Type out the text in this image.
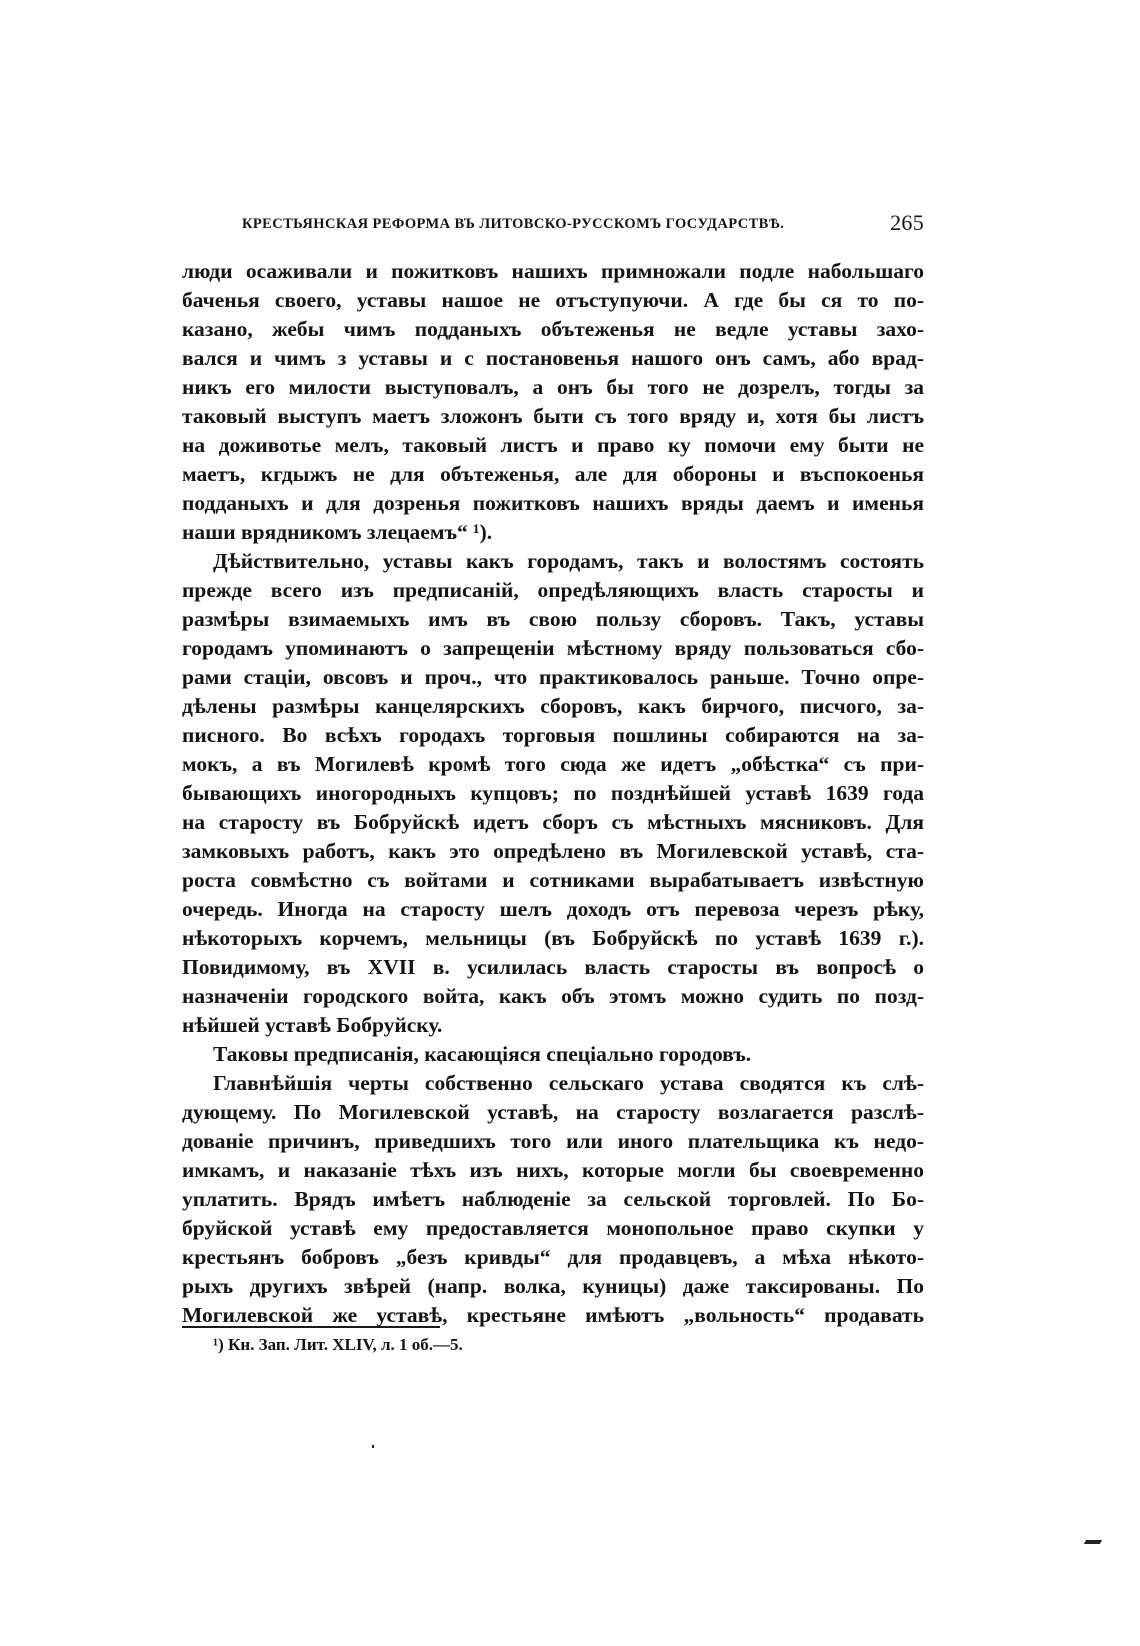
КРЕСТЬЯНСКАЯ РЕФОРМА ВЪ ЛИТОВСКО-РУССКОМЪ ГОСУДАРСТВѢ.	265
люди осаживали и пожитковъ нашихъ примножали подле набольшаго
баченья своего, уставы нашое не отъступуючи. А где бы ся то по-
казано, жебы чимъ подданыхъ обътеженья не ведле уставы захо-
вался и чимъ з уставы и с постановенья нашого онъ самъ, або врад-
никъ его милости выступовалъ, а онъ бы того не дозрелъ, тогды за
таковый выступъ маетъ зложонъ быти съ того вряду и, хотя бы листъ
на доживотье мелъ, таковый листъ и право ку помочи ему быти не
маетъ, кгдыжъ не для обътеженья, але для обороны и въспокоенья
подданыхъ и для дозренья пожитковъ нашихъ вряды даемъ и именья
наши врядникомъ злецаемъ“ ¹).
Дѣйствительно, уставы какъ городамъ, такъ и волостямъ состоять
прежде всего изъ предписаній, опредѣляющихъ власть старосты и
размѣры взимаемыхъ имъ въ свою пользу сборовъ. Такъ, уставы
городамъ упоминаютъ о запрещеніи мѣстному вряду пользоваться сбо-
рами стаціи, овсовъ и проч., что практиковалось раньше. Точно опре-
дѣлены размѣры канцелярскихъ сборовъ, какъ бирчого, писчого, за-
писного. Во всѣхъ городахъ торговыя пошлины собираются на за-
мокъ, а въ Могилевѣ кромѣ того сюда же идетъ „обѣстка“ съ при-
бывающихъ иногородныхъ купцовъ; по позднѣйшей уставѣ 1639 года
на старосту въ Бобруйскѣ идетъ сборъ съ мѣстныхъ мясниковъ. Для
замковыхъ работъ, какъ это опредѣлено въ Могилевской уставѣ, ста-
роста совмѣстно съ войтами и сотниками вырабатываетъ извѣстную
очередь. Иногда на старосту шелъ доходъ отъ перевоза черезъ рѣку,
нѣкоторыхъ корчемъ, мельницы (въ Бобруйскѣ по уставѣ 1639 г.).
Повидимому, въ XVII в. усилилась власть старосты въ вопросѣ о
назначеніи городского войта, какъ объ этомъ можно судить по позд-
нѣйшей уставѣ Бобруйску.
Таковы предписанія, касающіяся спеціально городовъ.
Главнѣйшія черты собственно сельскаго устава сводятся къ слѣ-
дующему. По Могилевской уставѣ, на старосту возлагается разслѣ-
дованіе причинъ, приведшихъ того или иного плательщика къ недо-
имкамъ, и наказаніе тѣхъ изъ нихъ, которые могли бы своевременно
уплатить. Врядъ имѣетъ наблюденіе за сельской торговлей. По Бо-
бруйской уставѣ ему предоставляется монопольное право скупки у
крестьянъ бобровъ „безъ кривды“ для продавцевъ, а мѣха нѣкото-
рыхъ другихъ звѣрей (напр. волка, куницы) даже таксированы. По
Могилевской же уставѣ, крестьяне имѣютъ „вольность“ продавать
¹) Кн. Зап. Лит. XLIV, л. 1 об.—5.
